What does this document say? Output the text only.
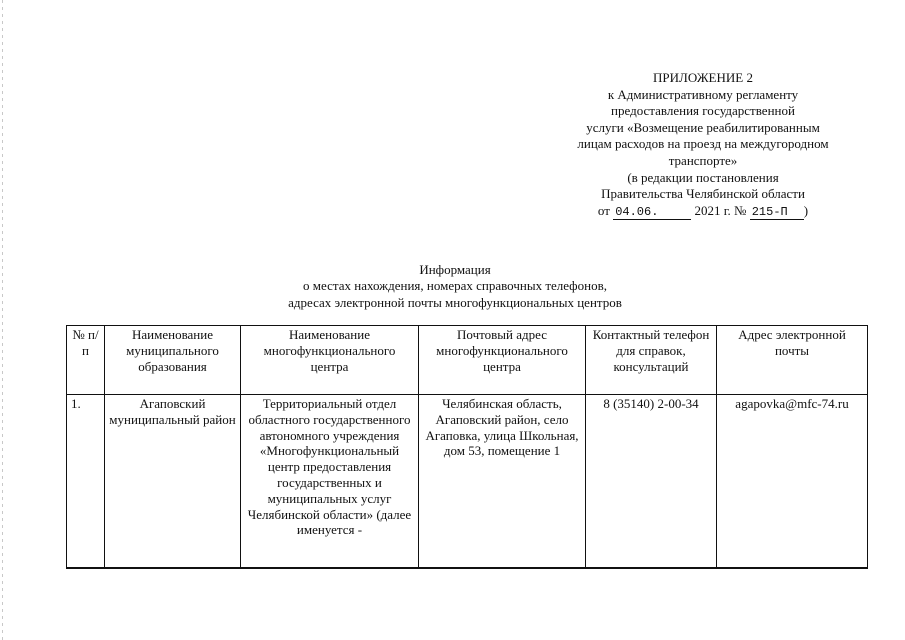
ПРИЛОЖЕНИЕ 2
к Административному регламенту
предоставления государственной
услуги «Возмещение реабилитированным
лицам расходов на проезд на междугородном
транспорте»
(в редакции постановления
Правительства Челябинской области
от 04.06.	2021 г. № 215-П )
Информация
о местах нахождения, номерах справочных телефонов,
адресах электронной почты многофункциональных центров
№ п/п	Наименование муниципального образования	Наименование многофункционального центра	Почтовый адрес многофункционального центра	Контактный телефон для справок, консультаций	Адрес электронной почты
1.	Агаповский муниципальный район	Территориальный отдел областного государственного автономного учреждения «Многофункциональный центр предоставления государственных и муниципальных услуг Челябинской области» (далее именуется -	Челябинская область, Агаповский район, село Агаповка, улица Школьная, дом 53, помещение 1	8 (35140) 2-00-34	agapovka@mfc-74.ru
